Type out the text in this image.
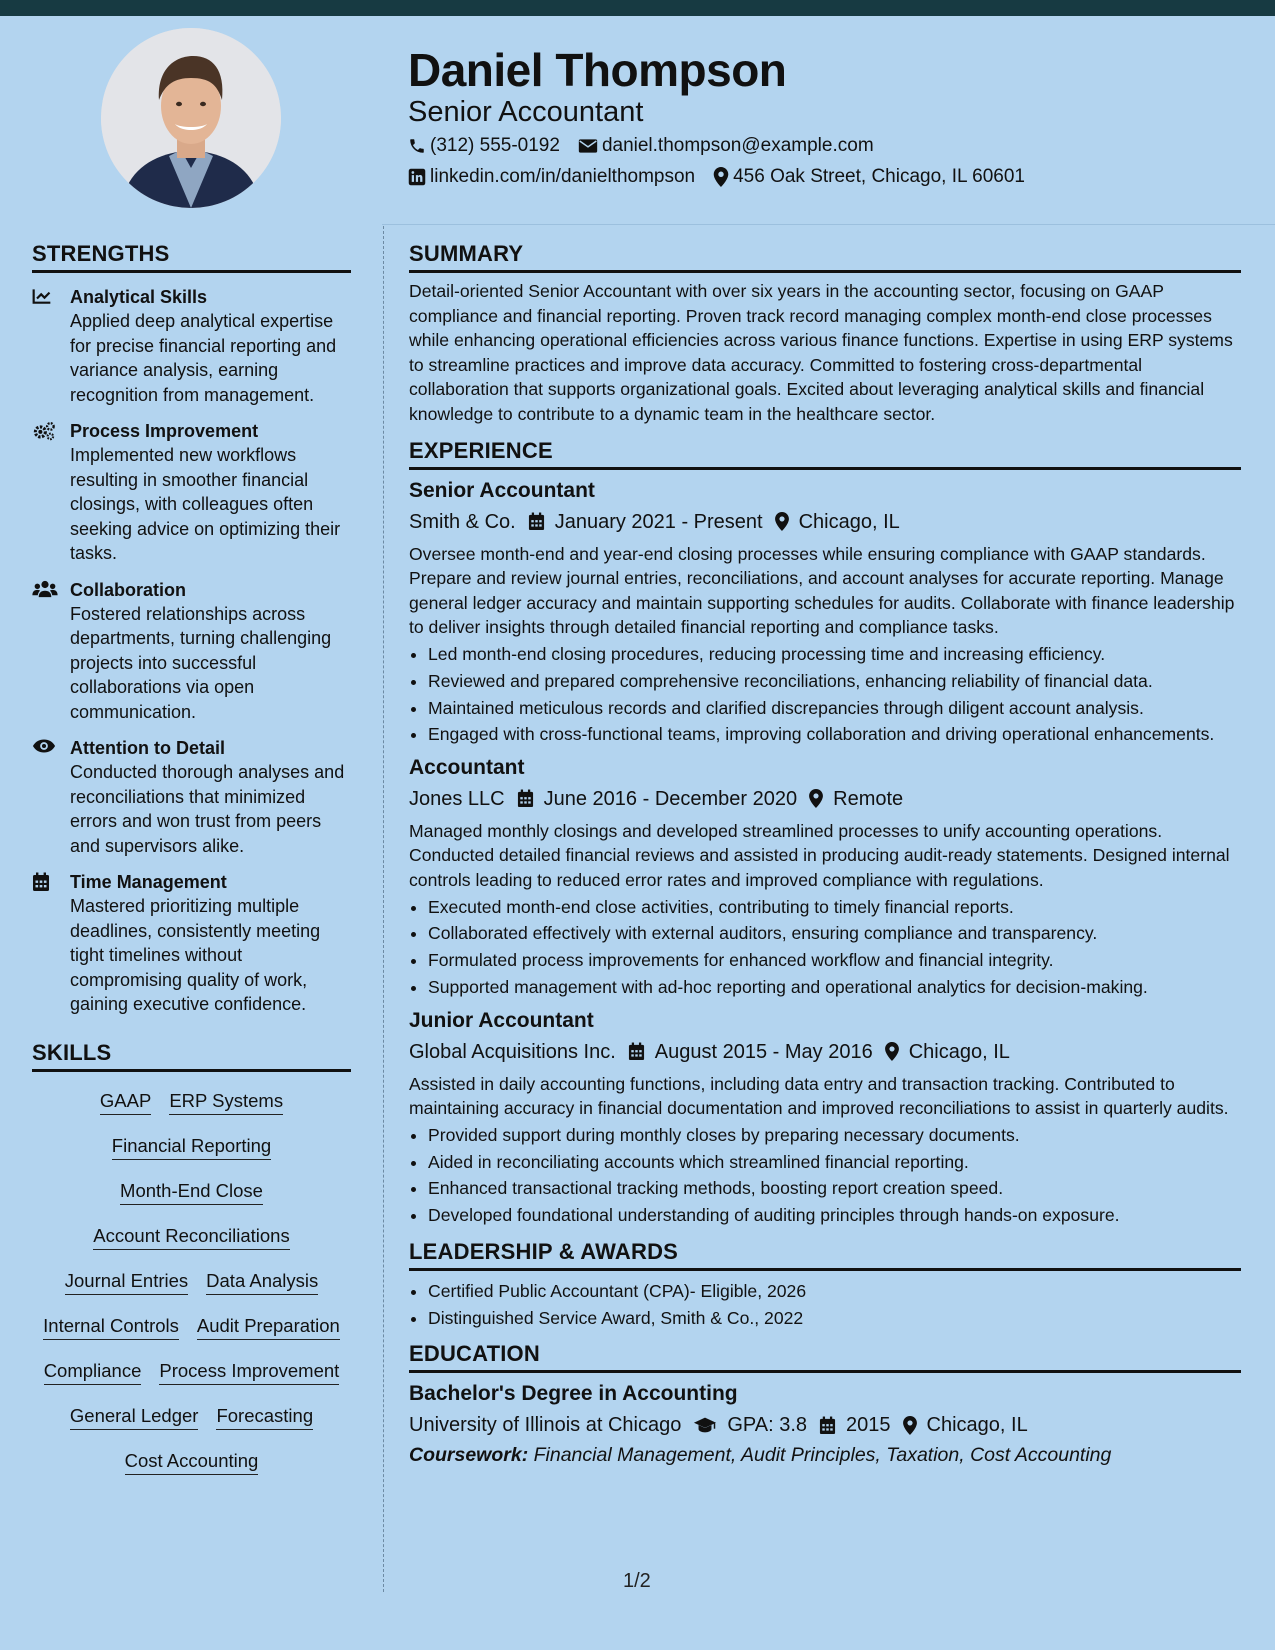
Daniel Thompson
Senior Accountant
(312) 555-0192 daniel.thompson@example.com
linkedin.com/in/danielthompson 456 Oak Street, Chicago, IL 60601
STRENGTHS
Analytical Skills
Applied deep analytical expertise for precise financial reporting and variance analysis, earning recognition from management.
Process Improvement
Implemented new workflows resulting in smoother financial closings, with colleagues often seeking advice on optimizing their tasks.
Collaboration
Fostered relationships across departments, turning challenging projects into successful collaborations via open communication.
Attention to Detail
Conducted thorough analyses and reconciliations that minimized errors and won trust from peers and supervisors alike.
Time Management
Mastered prioritizing multiple deadlines, consistently meeting tight timelines without compromising quality of work, gaining executive confidence.
SKILLS
GAAP ERP Systems
Financial Reporting
Month-End Close
Account Reconciliations
Journal Entries Data Analysis
Internal Controls Audit Preparation
Compliance Process Improvement
General Ledger Forecasting
Cost Accounting
SUMMARY
Detail-oriented Senior Accountant with over six years in the accounting sector, focusing on GAAP compliance and financial reporting. Proven track record managing complex month-end close processes while enhancing operational efficiencies across various finance functions. Expertise in using ERP systems to streamline practices and improve data accuracy. Committed to fostering cross-departmental collaboration that supports organizational goals. Excited about leveraging analytical skills and financial knowledge to contribute to a dynamic team in the healthcare sector.
EXPERIENCE
Senior Accountant
Smith & Co. January 2021 - Present Chicago, IL
Oversee month-end and year-end closing processes while ensuring compliance with GAAP standards. Prepare and review journal entries, reconciliations, and account analyses for accurate reporting. Manage general ledger accuracy and maintain supporting schedules for audits. Collaborate with finance leadership to deliver insights through detailed financial reporting and compliance tasks.
• Led month-end closing procedures, reducing processing time and increasing efficiency.
• Reviewed and prepared comprehensive reconciliations, enhancing reliability of financial data.
• Maintained meticulous records and clarified discrepancies through diligent account analysis.
• Engaged with cross-functional teams, improving collaboration and driving operational enhancements.
Accountant
Jones LLC June 2016 - December 2020 Remote
Managed monthly closings and developed streamlined processes to unify accounting operations. Conducted detailed financial reviews and assisted in producing audit-ready statements. Designed internal controls leading to reduced error rates and improved compliance with regulations.
• Executed month-end close activities, contributing to timely financial reports.
• Collaborated effectively with external auditors, ensuring compliance and transparency.
• Formulated process improvements for enhanced workflow and financial integrity.
• Supported management with ad-hoc reporting and operational analytics for decision-making.
Junior Accountant
Global Acquisitions Inc. August 2015 - May 2016 Chicago, IL
Assisted in daily accounting functions, including data entry and transaction tracking. Contributed to maintaining accuracy in financial documentation and improved reconciliations to assist in quarterly audits.
• Provided support during monthly closes by preparing necessary documents.
• Aided in reconciliating accounts which streamlined financial reporting.
• Enhanced transactional tracking methods, boosting report creation speed.
• Developed foundational understanding of auditing principles through hands-on exposure.
LEADERSHIP & AWARDS
• Certified Public Accountant (CPA)- Eligible, 2026
• Distinguished Service Award, Smith & Co., 2022
EDUCATION
Bachelor's Degree in Accounting
University of Illinois at Chicago GPA: 3.8 2015 Chicago, IL
Coursework: Financial Management, Audit Principles, Taxation, Cost Accounting
1/2
